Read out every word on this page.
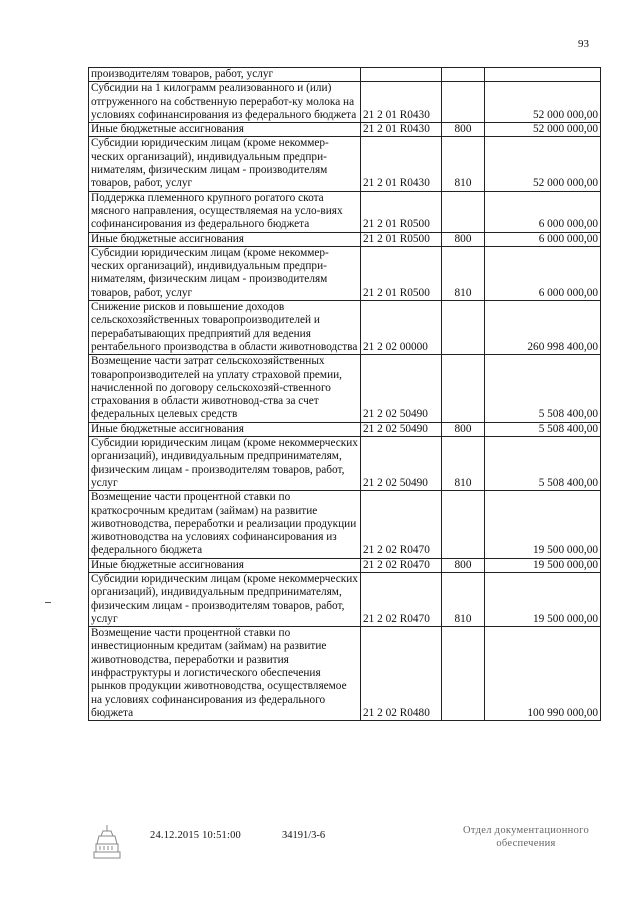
93
производителям товаров, работ, услуг			
Субсидии на 1 килограмм реализованного и (или) отгруженного на собственную переработ-ку молока на условиях софинансирования из федерального бюджета	21 2 01 R0430		52 000 000,00
Иные бюджетные ассигнования	21 2 01 R0430	800	52 000 000,00
Субсидии юридическим лицам (кроме некоммер-ческих организаций), индивидуальным предпри-нимателям, физическим лицам - производителям товаров, работ, услуг	21 2 01 R0430	810	52 000 000,00
Поддержка племенного крупного рогатого скота мясного направления, осуществляемая на усло-виях софинансирования из федерального бюджета	21 2 01 R0500		6 000 000,00
Иные бюджетные ассигнования	21 2 01 R0500	800	6 000 000,00
Субсидии юридическим лицам (кроме некоммер-ческих организаций), индивидуальным предпри-нимателям, физическим лицам - производителям товаров, работ, услуг	21 2 01 R0500	810	6 000 000,00
Снижение рисков и повышение доходов сельскохозяйственных товаропроизводителей и перерабатывающих предприятий для ведения рентабельного производства в области животноводства	21 2 02 00000		260 998 400,00
Возмещение части затрат сельскохозяйственных товаропроизводителей на уплату страховой премии, начисленной по договору сельскохозяй-ственного страхования в области животновод-ства за счет федеральных целевых средств	21 2 02 50490		5 508 400,00
Иные бюджетные ассигнования	21 2 02 50490	800	5 508 400,00
Субсидии юридическим лицам (кроме некоммерческих организаций), индивидуальным предпринимателям, физическим лицам - производителям товаров, работ, услуг	21 2 02 50490	810	5 508 400,00
Возмещение части процентной ставки по краткосрочным кредитам (займам) на развитие животноводства, переработки и реализации продукции животноводства на условиях софинансирования из федерального бюджета	21 2 02 R0470		19 500 000,00
Иные бюджетные ассигнования	21 2 02 R0470	800	19 500 000,00
Субсидии юридическим лицам (кроме некоммерческих организаций), индивидуальным предпринимателям, физическим лицам - производителям товаров, работ, услуг	21 2 02 R0470	810	19 500 000,00
Возмещение части процентной ставки по инвестиционным кредитам (займам) на развитие животноводства, переработки и развития инфраструктуры и логистического обеспечения рынков продукции животноводства, осуществляемое на условиях софинансирования из федерального бюджета	21 2 02 R0480		100 990 000,00
24.12.2015 10:51:00	34191/3-6	Отдел документационного
обеспечения
